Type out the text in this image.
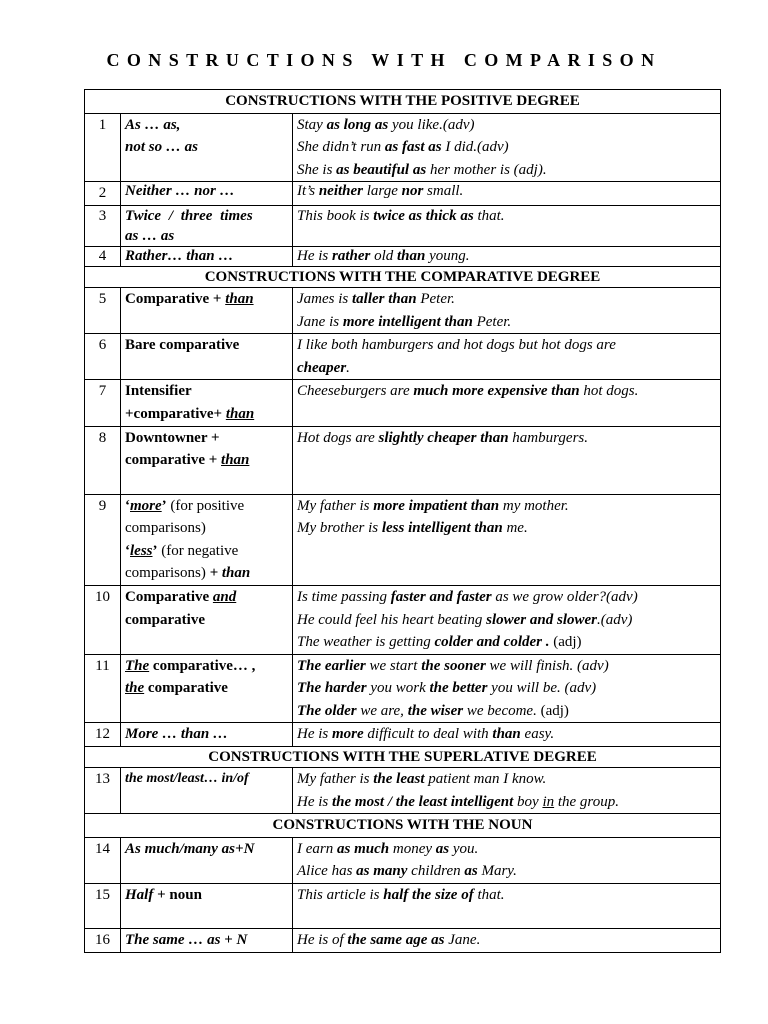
CONSTRUCTIONS WITH COMPARISON
CONSTRUCTIONS WITH THE POSITIVE DEGREE		
1	As … as,
not so … as	Stay as long as you like.(adv)
She didn’t run as fast as I did.(adv)
She is as beautiful as her mother is (adj).

2	Neither … nor …	It’s neither large nor small.
3	Twice / three times
as … as	This book is twice as thick as that.
4	Rather… than …	He is rather old than young.
CONSTRUCTIONS WITH THE COMPARATIVE DEGREE		
5	Comparative + than	James is taller than Peter.
Jane is more intelligent than Peter.

6	Bare comparative	I like both hamburgers and hot dogs but hot dogs are
cheaper.

7	Intensifier
+comparative+ than	Cheeseburgers are much more expensive than hot dogs.
8	Downtowner +
comparative + than	Hot dogs are slightly cheaper than hamburgers.
9	‘more’ (for positive
comparisons)
‘less’ (for negative
comparisons) + than	My father is more impatient than my mother.
My brother is less intelligent than me.

10	Comparative and
comparative	Is time passing faster and faster as we grow older?(adv)
He could feel his heart beating slower and slower.(adv)
The weather is getting colder and colder . (adj)

11	The comparative… ,
the comparative	The earlier we start the sooner we will finish. (adv)
The harder you work the better you will be. (adv)
The older we are, the wiser we become. (adj)

12	More … than …	He is more difficult to deal with than easy.
CONSTRUCTIONS WITH THE SUPERLATIVE DEGREE		
13	the most/least… in/of	My father is the least patient man I know.
He is the most / the least intelligent boy in the group.

CONSTRUCTIONS WITH THE NOUN		
14	As much/many as+N	I earn as much money as you.
Alice has as many children as Mary.

15	Half + noun	This article is half the size of that.
16	The same … as + N	He is of the same age as Jane.
